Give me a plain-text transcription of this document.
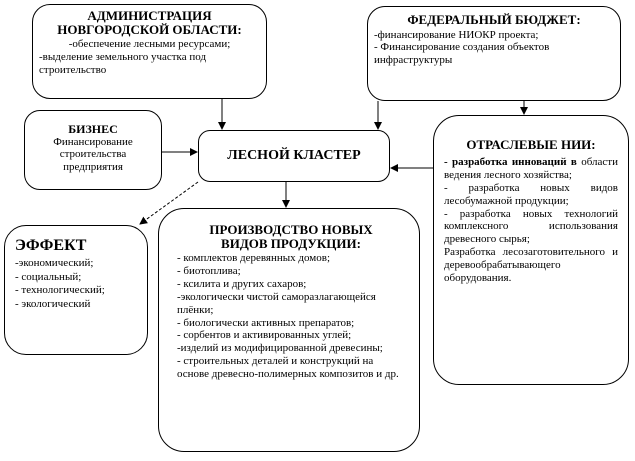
АДМИНИСТРАЦИЯ
НОВГОРОДСКОЙ ОБЛАСТИ:
-обеспечение лесными ресурсами;
-выделение земельного участка под строительство
ФЕДЕРАЛЬНЫЙ БЮДЖЕТ:
-финансирование НИОКР проекта;
- Финансирование создания объектов инфраструктуры
БИЗНЕС
Финансирование
строительства
предприятия
ЛЕСНОЙ КЛАСТЕР
ОТРАСЛЕВЫЕ НИИ:
- разработка инноваций в области ведения лесного хозяйства;
- разработка новых видов лесобумажной продукции;
- разработка новых технологий комплексного использования древесного сырья;
Разработка лесозаготовительного и деревообрабатывающего оборудования.
ЭФФЕКТ
-экономический;
- социальный;
- технологический;
- экологический
ПРОИЗВОДСТВО НОВЫХ
ВИДОВ ПРОДУКЦИИ:
- комплектов деревянных домов;
- биотоплива;
- ксилита и других сахаров;
-экологически чистой саморазлагающейся плёнки;
- биологически активных препаратов;
- сорбентов и активированных углей;
-изделий из модифицированной древесины;
- строительных деталей и конструкций на основе древесно-полимерных композитов и др.
